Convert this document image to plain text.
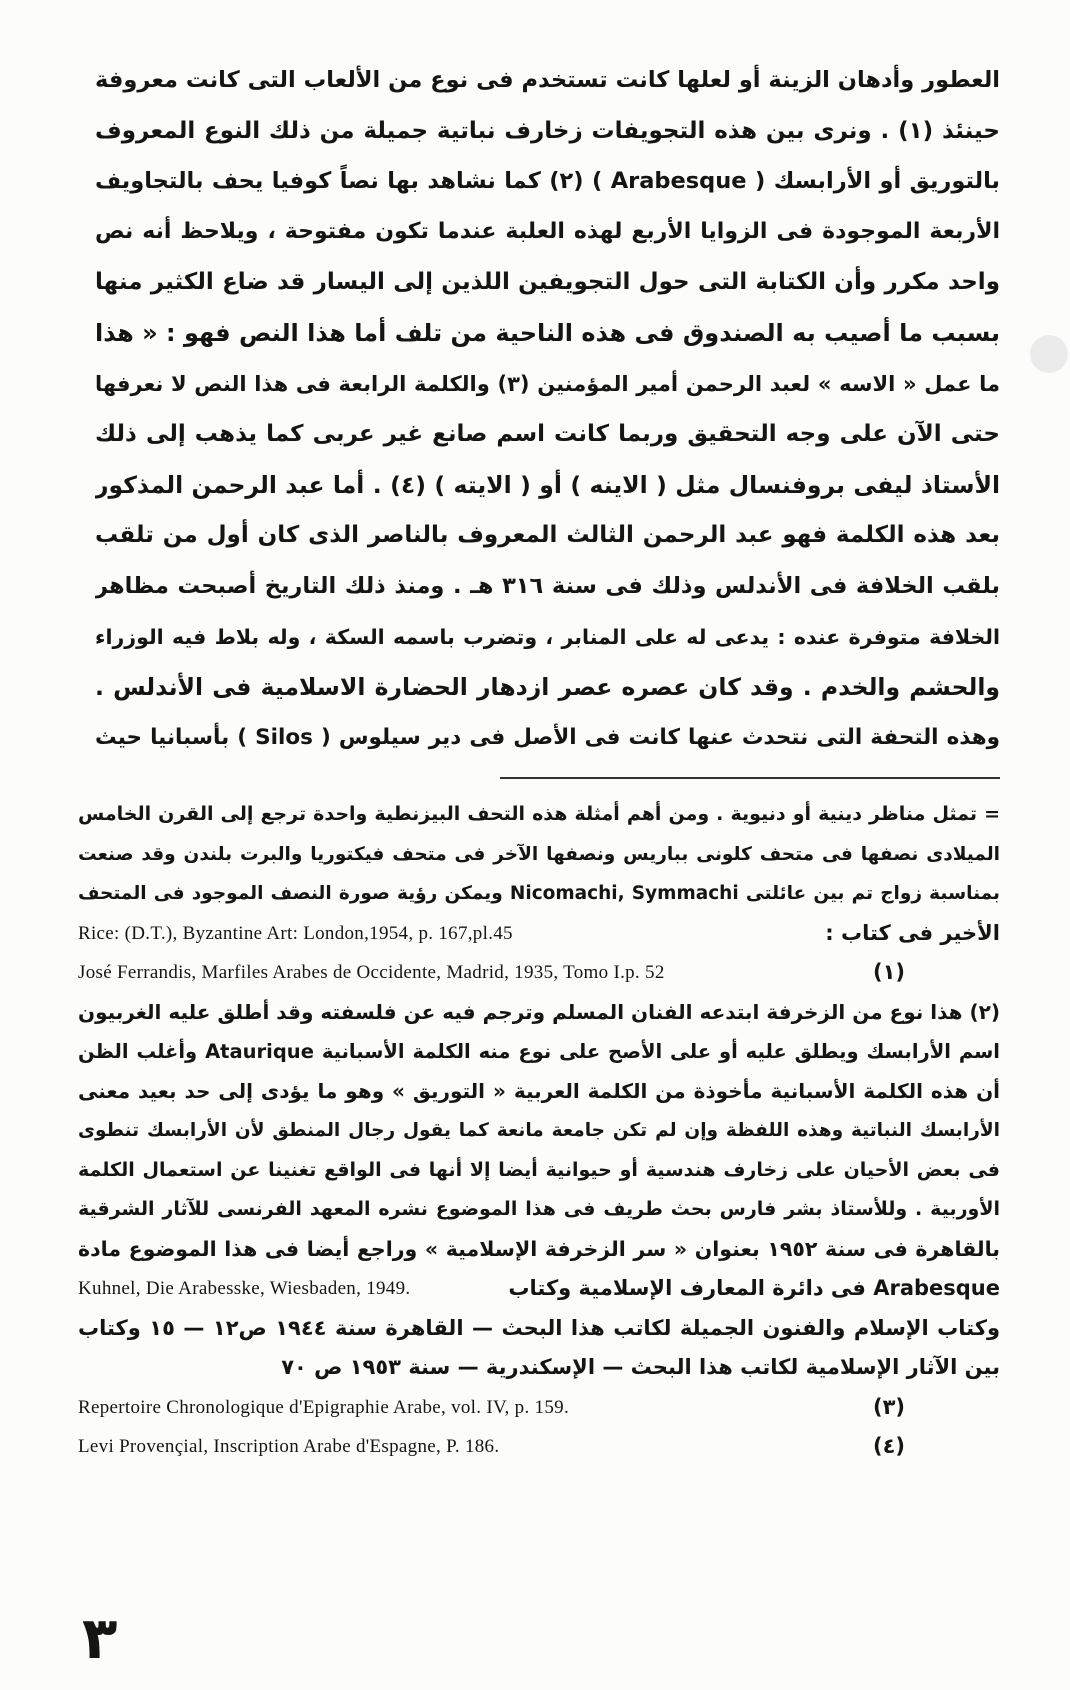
العطور وأدهان الزينة أو لعلها كانت تستخدم فى نوع من الألعاب التى كانت معروفة
حينئذ (١) . ونرى بين هذه التجويفات زخارف نباتية جميلة من ذلك النوع المعروف
بالتوريق أو الأرابسك ( Arabesque ) (٢) كما نشاهد بها نصاً كوفيا يحف بالتجاويف
الأربعة الموجودة فى الزوايا الأربع لهذه العلبة عندما تكون مفتوحة ، ويلاحظ أنه نص
واحد مكرر وأن الكتابة التى حول التجويفين اللذين إلى اليسار قد ضاع الكثير منها
بسبب ما أصيب به الصندوق فى هذه الناحية من تلف أما هذا النص فهو : « هذا
ما عمل « الاسه » لعبد الرحمن أمير المؤمنين (٣) والكلمة الرابعة فى هذا النص لا نعرفها
حتى الآن على وجه التحقيق وربما كانت اسم صانع غير عربى كما يذهب إلى ذلك
الأستاذ ليفى بروفنسال مثل ( الاينه ) أو ( الايته ) (٤) . أما عبد الرحمن المذكور
بعد هذه الكلمة فهو عبد الرحمن الثالث المعروف بالناصر الذى كان أول من تلقب
بلقب الخلافة فى الأندلس وذلك فى سنة ٣١٦ هـ . ومنذ ذلك التاريخ أصبحت مظاهر
الخلافة متوفرة عنده : يدعى له على المنابر ، وتضرب باسمه السكة ، وله بلاط فيه الوزراء
والحشم والخدم . وقد كان عصره عصر ازدهار الحضارة الاسلامية فى الأندلس .
وهذه التحفة التى نتحدث عنها كانت فى الأصل فى دير سيلوس ( Silos ) بأسبانيا حيث
= تمثل مناظر دينية أو دنيوية . ومن أهم أمثلة هذه التحف البيزنطية واحدة ترجع إلى القرن الخامس
الميلادى نصفها فى متحف كلونى بباريس ونصفها الآخر فى متحف فيكتوريا والبرت بلندن وقد صنعت
بمناسبة زواج تم بين عائلتى Nicomachi, Symmachi ويمكن رؤية صورة النصف الموجود فى المتحف
الأخير فى كتاب :
Rice: (D.T.), Byzantine Art: London,1954, p. 167,pl.45
(١)
José Ferrandis, Marfiles Arabes de Occidente, Madrid, 1935, Tomo I.p. 52
(٢) هذا نوع من الزخرفة ابتدعه الفنان المسلم وترجم فيه عن فلسفته وقد أطلق عليه الغربيون
اسم الأرابسك ويطلق عليه أو على الأصح على نوع منه الكلمة الأسبانية Ataurique وأغلب الظن
أن هذه الكلمة الأسبانية مأخوذة من الكلمة العربية « التوريق » وهو ما يؤدى إلى حد بعيد معنى
الأرابسك النباتية وهذه اللفظة وإن لم تكن جامعة مانعة كما يقول رجال المنطق لأن الأرابسك تنطوى
فى بعض الأحيان على زخارف هندسية أو حيوانية أيضا إلا أنها فى الواقع تغنينا عن استعمال الكلمة
الأوربية . وللأستاذ بشر فارس بحث طريف فى هذا الموضوع نشره المعهد الفرنسى للآثار الشرقية
بالقاهرة فى سنة ١٩٥٢ بعنوان « سر الزخرفة الإسلامية » وراجع أيضا فى هذا الموضوع مادة
Arabesque فى دائرة المعارف الإسلامية وكتاب
Kuhnel, Die Arabesske, Wiesbaden, 1949.
وكتاب الإسلام والفنون الجميلة لكاتب هذا البحث — القاهرة سنة ١٩٤٤ ص١٢ — ١٥ وكتاب
بين الآثار الإسلامية لكاتب هذا البحث — الإسكندرية — سنة ١٩٥٣ ص ٧٠
(٣)
Repertoire Chronologique d'Epigraphie Arabe, vol. IV, p. 159.
(٤)
Levi Provençial, Inscription Arabe d'Espagne, P. 186.
٣
